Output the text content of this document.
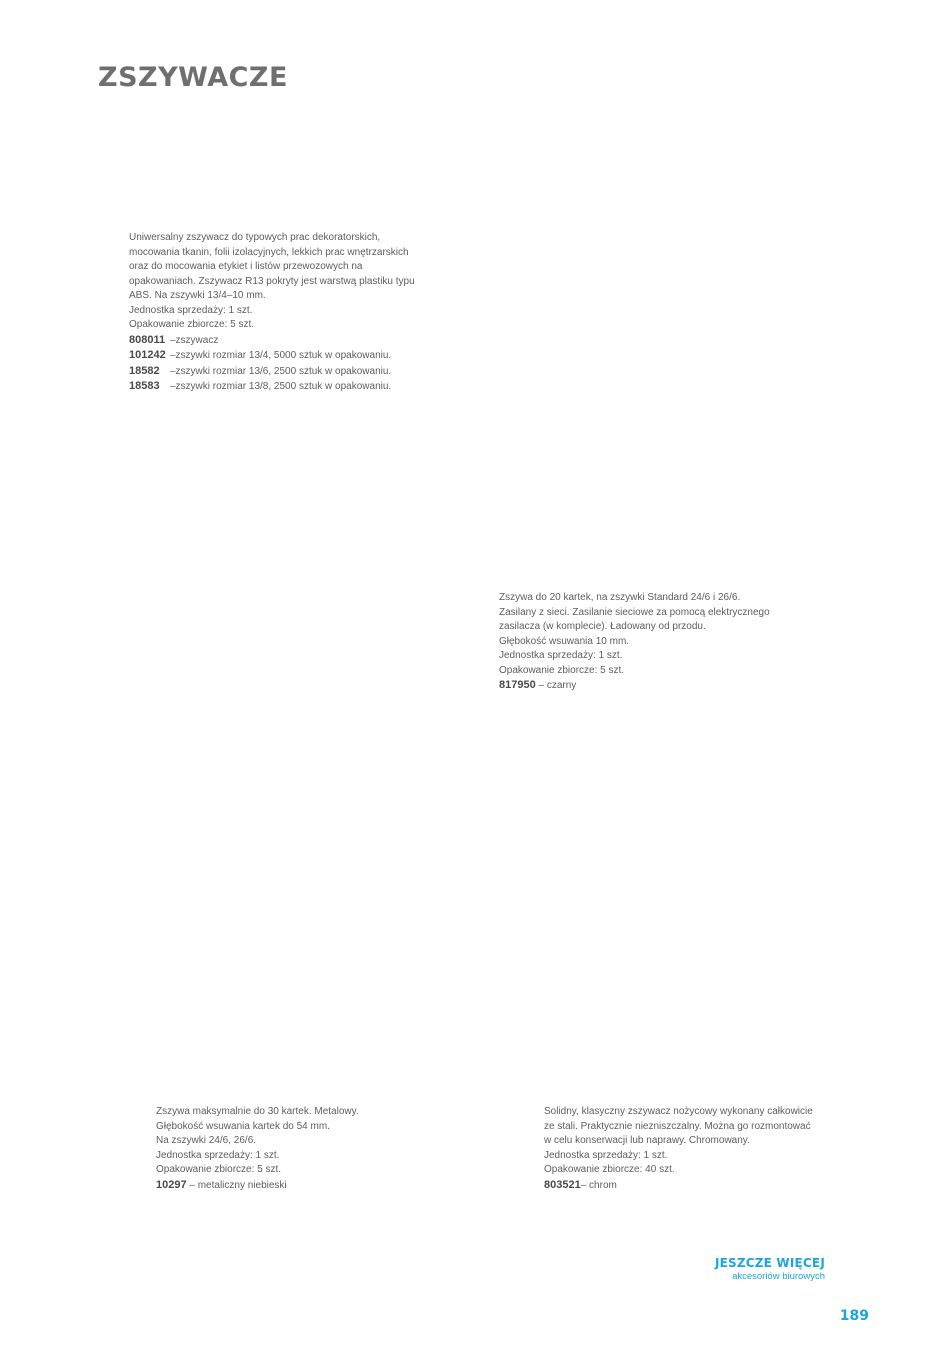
ZSZYWACZE
Uniwersalny zszywacz do typowych prac dekoratorskich,
mocowania tkanin, folii izolacyjnych, lekkich prac wnętrzarskich
oraz do mocowania etykiet i listów przewozowych na
opakowaniach. Zszywacz R13 pokryty jest warstwą plastiku typu
ABS. Na zszywki 13/4–10 mm.
Jednostka sprzedaży: 1 szt.
Opakowanie zbiorcze: 5 szt.
808011 –zszywacz
101242 –zszywki rozmiar 13/4, 5000 sztuk w opakowaniu.
18582 –zszywki rozmiar 13/6, 2500 sztuk w opakowaniu.
18583 –zszywki rozmiar 13/8, 2500 sztuk w opakowaniu.
Zszywa do 20 kartek, na zszywki Standard 24/6 i 26/6.
Zasilany z sieci. Zasilanie sieciowe za pomocą elektrycznego
zasilacza (w komplecie). Ładowany od przodu.
Głębokość wsuwania 10 mm.
Jednostka sprzedaży: 1 szt.
Opakowanie zbiorcze: 5 szt.
817950 – czarny
Zszywa maksymalnie do 30 kartek. Metalowy.
Głębokość wsuwania kartek do 54 mm.
Na zszywki 24/6, 26/6.
Jednostka sprzedaży: 1 szt.
Opakowanie zbiorcze: 5 szt.
10297 – metaliczny niebieski
Solidny, klasyczny zszywacz nożycowy wykonany całkowicie
ze stali. Praktycznie niezniszczalny. Można go rozmontować
w celu konserwacji lub naprawy. Chromowany.
Jednostka sprzedaży: 1 szt.
Opakowanie zbiorcze: 40 szt.
803521– chrom
JESZCZE WIĘCEJ
akcesoriów biurowych
189
